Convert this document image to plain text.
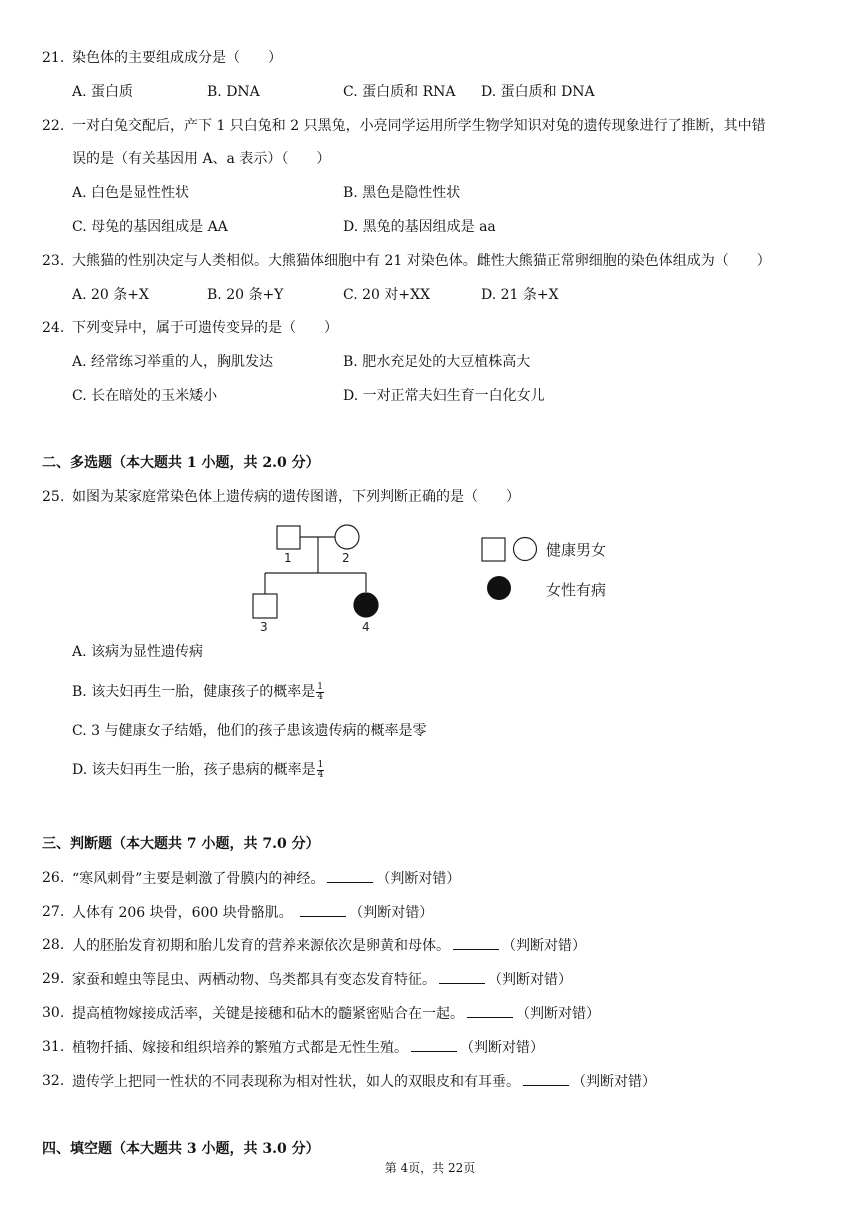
21. 染色体的主要组成成分是（　　）
A. 蛋白质	B. DNA	C. 蛋白质和 RNA D. 蛋白质和 DNA
22. 一对白兔交配后，产下 1 只白兔和 2 只黑兔，小亮同学运用所学生物学知识对兔的遗传现象进行了推断，其中错
误的是（有关基因用 A、a 表示）（　　）
A. 白色是显性性状	B. 黑色是隐性性状
C. 母兔的基因组成是 AA	D. 黑兔的基因组成是 aa
23. 大熊猫的性别决定与人类相似。大熊猫体细胞中有 21 对染色体。雌性大熊猫正常卵细胞的染色体组成为（　　）
A. 20 条+X	B. 20 条+Y	C. 20 对+XX	D. 21 条+X
24. 下列变异中，属于可遗传变异的是（　　）
A. 经常练习举重的人，胸肌发达	B. 肥水充足处的大豆植株高大
C. 长在暗处的玉米矮小	D. 一对正常夫妇生育一白化女儿
二、多选题（本大题共 1 小题，共 2.0 分）
25. 如图为某家庭常染色体上遗传病的遗传图谱，下列判断正确的是（　　）
1	2
3	4
健康男女
女性有病
A. 该病为显性遗传病
B. 该夫妇再生一胎，健康孩子的概率是 $\frac{1}{4}$
C. 3 与健康女子结婚，他们的孩子患该遗传病的概率是零
D. 该夫妇再生一胎，孩子患病的概率是 $\frac{1}{4}$
三、判断题（本大题共 7 小题，共 7.0 分）
26. “寒风刺骨”主要是刺激了骨膜内的神经。	（判断对错）
27. 人体有 206 块骨，600 块骨骼肌。	（判断对错）
28. 人的胚胎发育初期和胎儿发育的营养来源依次是卵黄和母体。	（判断对错）
29. 家蚕和蝗虫等昆虫、两栖动物、鸟类都具有变态发育特征。	（判断对错）
30. 提高植物嫁接成活率，关键是接穗和砧木的髓紧密贴合在一起。	（判断对错）
31. 植物扦插、嫁接和组织培养的繁殖方式都是无性生殖。	（判断对错）
32. 遗传学上把同一性状的不同表现称为相对性状，如人的双眼皮和有耳垂。	（判断对错）
四、填空题（本大题共 3 小题，共 3.0 分）
第 4页，共 22页
